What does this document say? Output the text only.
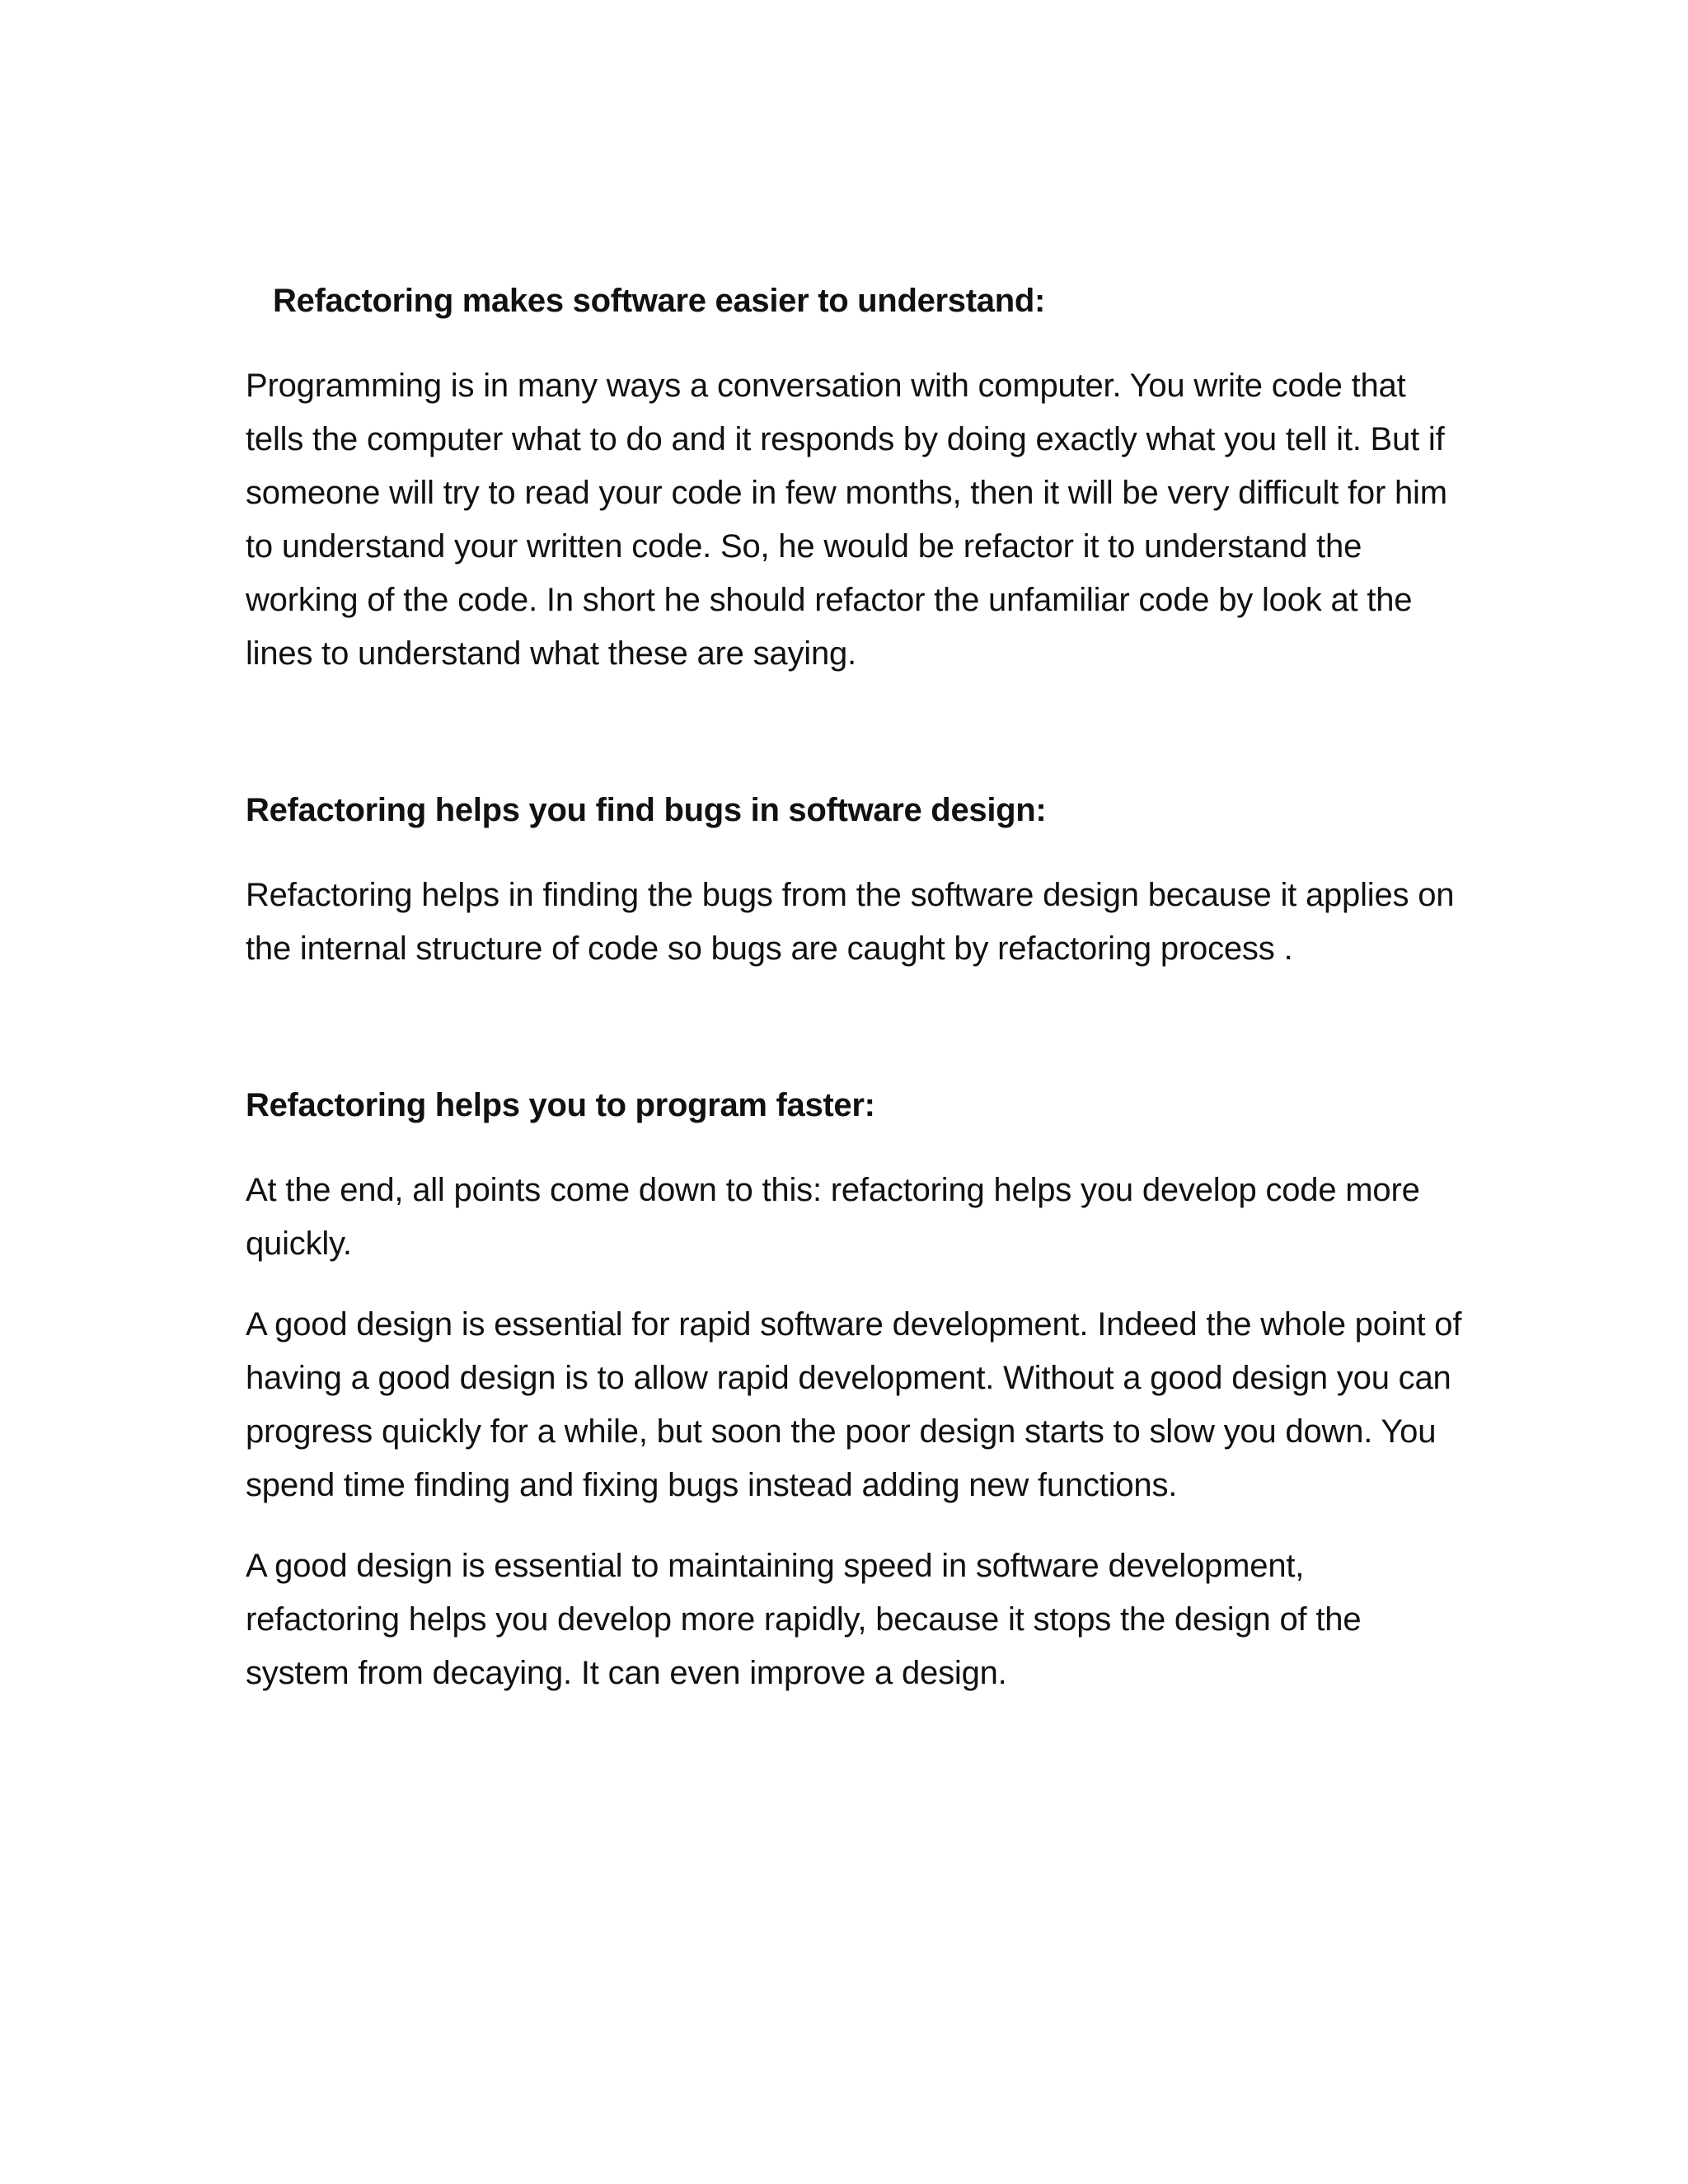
Refactoring makes software easier to understand:

Programming is in many ways a conversation with computer. You write code that tells the computer what to do and it responds by doing exactly what you tell it. But if someone will try to read your code in few months, then it will be very difficult for him to understand your written code. So, he would be refactor it to understand the working of the code. In short he should refactor the unfamiliar code by look at the lines to understand what these are saying.

Refactoring helps you find bugs in software design:

Refactoring helps in finding the bugs from the software design because it applies on the internal structure of code so bugs are caught by refactoring process .

Refactoring helps you to program faster:

At the end, all points come down to this: refactoring helps you develop code more quickly.

A good design is essential for rapid software development. Indeed the whole point of having a good design is to allow rapid development. Without a good design you can progress quickly for a while, but soon the poor design starts to slow you down. You spend time finding and fixing bugs instead adding new functions.

A good design is essential to maintaining speed in software development, refactoring helps you develop more rapidly, because it stops the design of the system from decaying. It can even improve a design.
